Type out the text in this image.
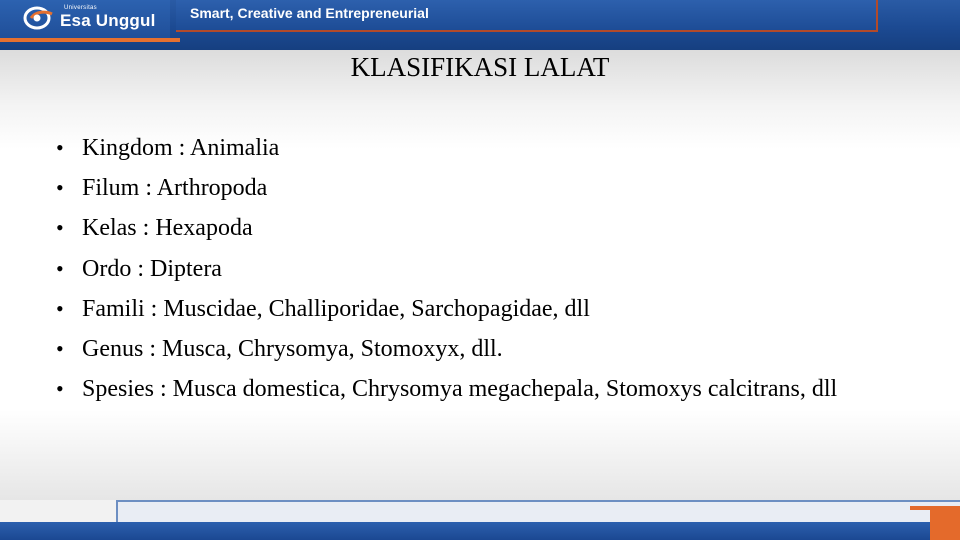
Universitas
Esa Unggul Smart, Creative and Entrepreneurial
KLASIFIKASI LALAT
• Kingdom : Animalia
• Filum : Arthropoda
• Kelas : Hexapoda
• Ordo : Diptera
• Famili : Muscidae, Challiporidae, Sarchopagidae, dll
• Genus : Musca, Chrysomya, Stomoxyx, dll.
• Spesies : Musca domestica, Chrysomya megachepala, Stomoxys calcitrans, dll
